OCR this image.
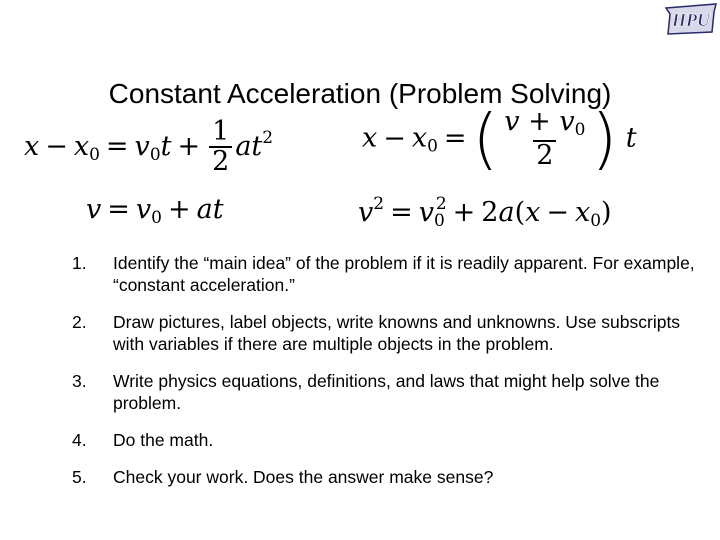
HPU
Constant Acceleration (Problem Solving)
$x - x_0 = v_0t + \frac{1}{2} at^2$	$x - x_0$ =( $\frac{v + v_0}{2}$ ) t
$v = v_0$ + at	$v^2 = v_0^2 + 2a(x - x_0)$
1. Identify the “main idea” of the problem if it is readily apparent. For example, “constant acceleration.”
2. Draw pictures, label objects, write knowns and unknowns. Use subscripts with variables if there are multiple objects in the problem.
3. Write physics equations, definitions, and laws that might help solve the problem.
4. Do the math.
5. Check your work. Does the answer make sense?
